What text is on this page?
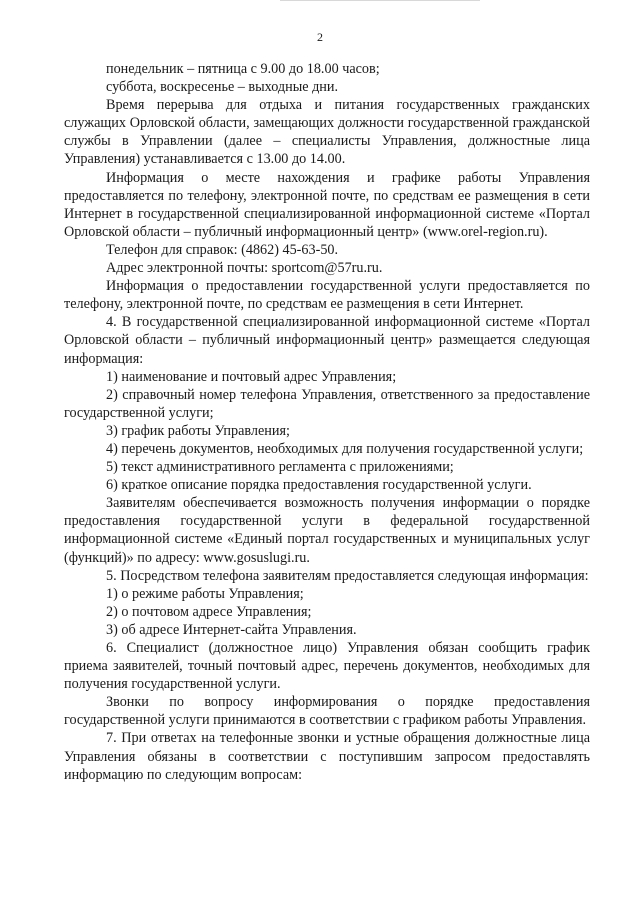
2

понедельник – пятница с 9.00 до 18.00 часов;

суббота, воскресенье – выходные дни.

Время перерыва для отдыха и питания государственных гражданских служащих Орловской области, замещающих должности государственной гражданской службы в Управлении (далее – специалисты Управления, должностные лица Управления) устанавливается с 13.00 до 14.00.

Информация о месте нахождения и графике работы Управления предоставляется по телефону, электронной почте, по средствам ее размещения в сети Интернет в государственной специализированной информационной системе «Портал Орловской области – публичный информационный центр» (www.orel-region.ru).

Телефон для справок: (4862) 45-63-50.

Адрес электронной почты: sportcom@57ru.ru.

Информация о предоставлении государственной услуги предоставляется по телефону, электронной почте, по средствам ее размещения в сети Интернет.

4. В государственной специализированной информационной системе «Портал Орловской области – публичный информационный центр» размещается следующая информация:

1) наименование и почтовый адрес Управления;

2) справочный номер телефона Управления, ответственного за предоставление государственной услуги;

3) график работы Управления;

4) перечень документов, необходимых для получения государственной услуги;

5) текст административного регламента с приложениями;

6) краткое описание порядка предоставления государственной услуги.

Заявителям обеспечивается возможность получения информации о порядке предоставления государственной услуги в федеральной государственной информационной системе «Единый портал государственных и муниципальных услуг (функций)» по адресу: www.gosuslugi.ru.

5. Посредством телефона заявителям предоставляется следующая информация:

1) о режиме работы Управления;

2) о почтовом адресе Управления;

3) об адресе Интернет-сайта Управления.

6. Специалист (должностное лицо) Управления обязан сообщить график приема заявителей, точный почтовый адрес, перечень документов, необходимых для получения государственной услуги.

Звонки по вопросу информирования о порядке предоставления государственной услуги принимаются в соответствии с графиком работы Управления.

7. При ответах на телефонные звонки и устные обращения должностные лица Управления обязаны в соответствии с поступившим запросом предоставлять информацию по следующим вопросам:
